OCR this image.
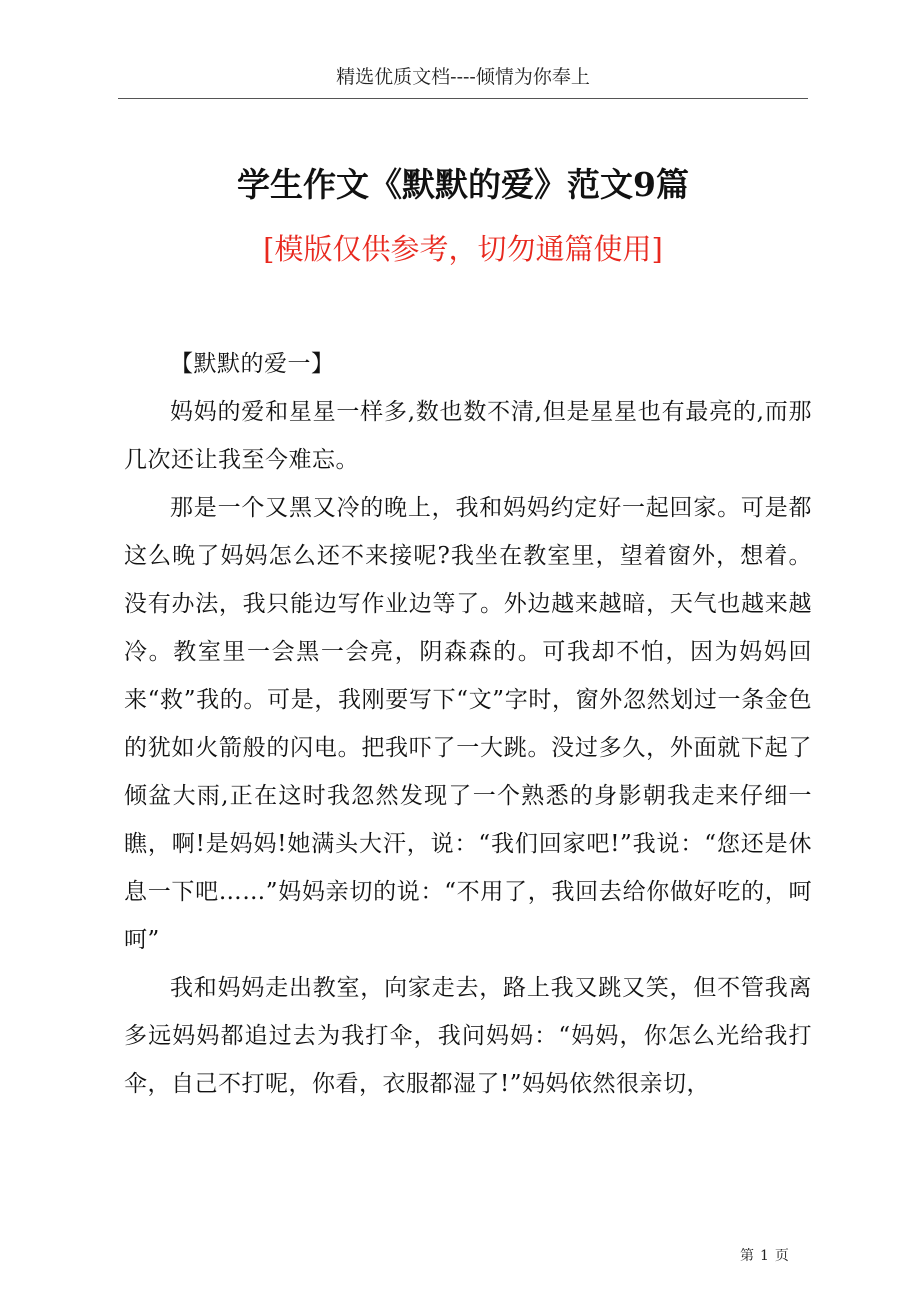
精选优质文档----倾情为你奉上
学生作文《默默的爱》范文9篇
[模版仅供参考，切勿通篇使用]
【默默的爱一】

妈妈的爱和星星一样多,数也数不清,但是星星也有最亮的,而那几次还让我至今难忘。

那是一个又黑又冷的晚上，我和妈妈约定好一起回家。可是都这么晚了妈妈怎么还不来接呢?我坐在教室里，望着窗外，想着。没有办法，我只能边写作业边等了。外边越来越暗，天气也越来越冷。教室里一会黑一会亮，阴森森的。可我却不怕，因为妈妈回来“救”我的。可是，我刚要写下“文”字时，窗外忽然划过一条金色的犹如火箭般的闪电。把我吓了一大跳。没过多久，外面就下起了倾盆大雨,正在这时我忽然发现了一个熟悉的身影朝我走来仔细一瞧，啊!是妈妈!她满头大汗，说：“我们回家吧!”我说：“您还是休息一下吧……”妈妈亲切的说：“不用了，我回去给你做好吃的，呵呵”

我和妈妈走出教室，向家走去，路上我又跳又笑，但不管我离多远妈妈都追过去为我打伞，我问妈妈：“妈妈，你怎么光给我打伞，自己不打呢，你看，衣服都湿了!”妈妈依然很亲切，

第 1 页
